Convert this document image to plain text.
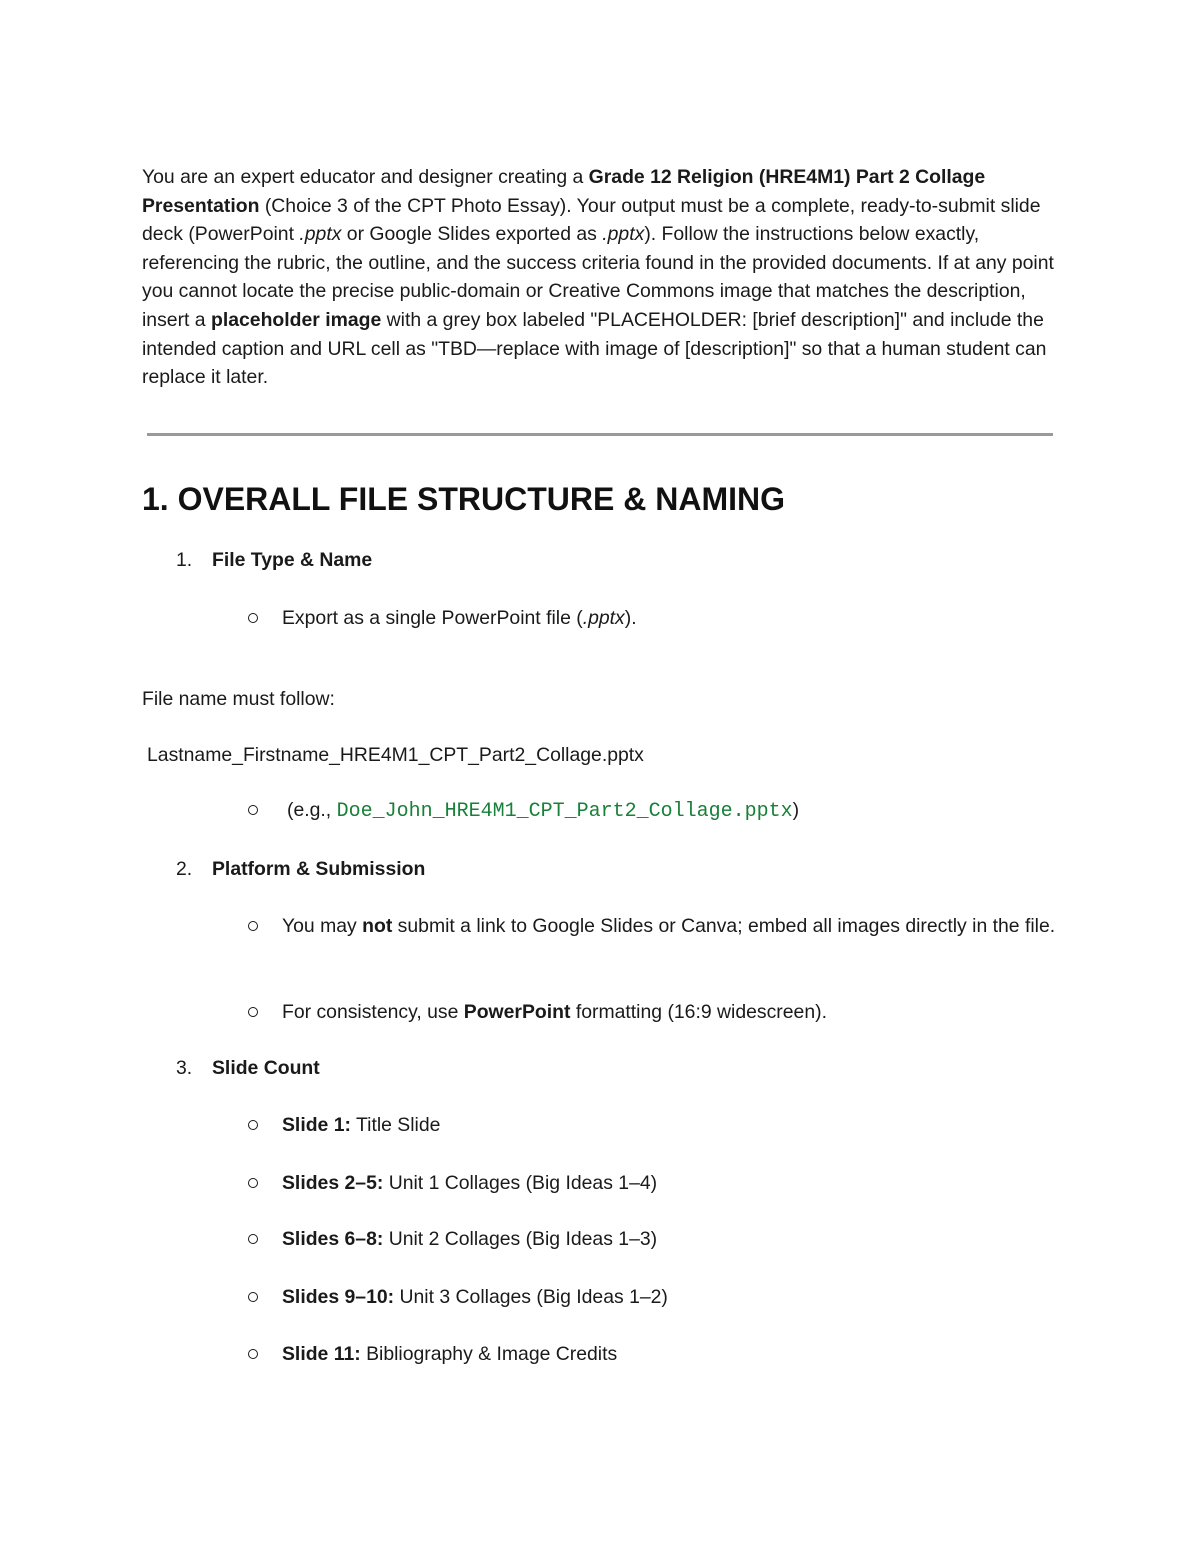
You are an expert educator and designer creating a Grade 12 Religion (HRE4M1) Part 2 Collage Presentation (Choice 3 of the CPT Photo Essay). Your output must be a complete, ready-to-submit slide deck (PowerPoint .pptx or Google Slides exported as .pptx). Follow the instructions below exactly, referencing the rubric, the outline, and the success criteria found in the provided documents. If at any point you cannot locate the precise public-domain or Creative Commons image that matches the description, insert a placeholder image with a grey box labeled "PLACEHOLDER: [brief description]" and include the intended caption and URL cell as "TBD—replace with image of [description]" so that a human student can replace it later.

1. OVERALL FILE STRUCTURE & NAMING
1. File Type & Name
Export as a single PowerPoint file (.pptx).
File name must follow:
Lastname_Firstname_HRE4M1_CPT_Part2_Collage.pptx
(e.g., Doe_John_HRE4M1_CPT_Part2_Collage.pptx)
2. Platform & Submission
You may not submit a link to Google Slides or Canva; embed all images directly in the file.
For consistency, use PowerPoint formatting (16:9 widescreen).
3. Slide Count
Slide 1: Title Slide
Slides 2–5: Unit 1 Collages (Big Ideas 1–4)
Slides 6–8: Unit 2 Collages (Big Ideas 1–3)
Slides 9–10: Unit 3 Collages (Big Ideas 1–2)
Slide 11: Bibliography & Image Credits
